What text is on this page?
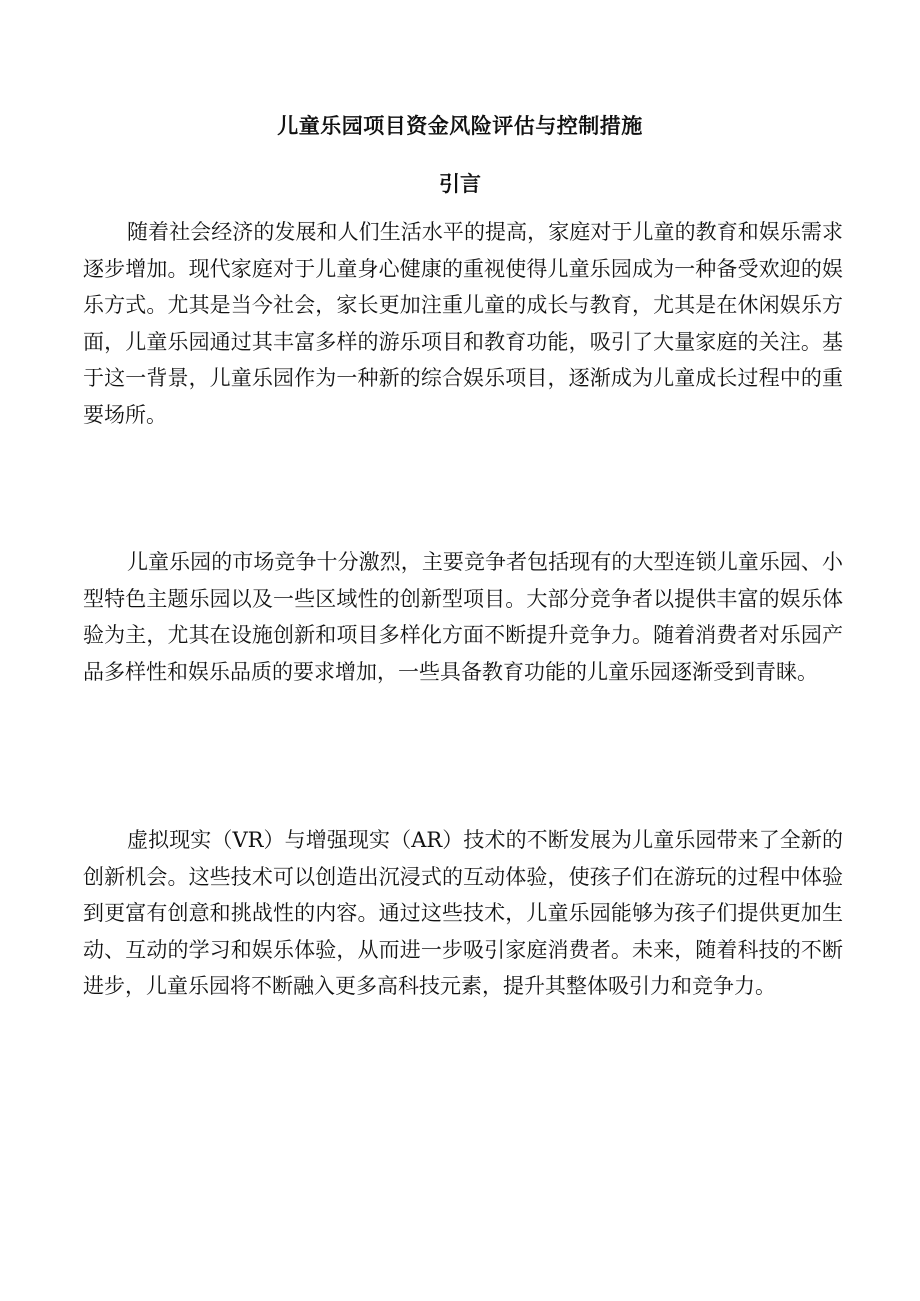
儿童乐园项目资金风险评估与控制措施
引言

随着社会经济的发展和人们生活水平的提高，家庭对于儿童的教育和娱乐需求逐步增加。现代家庭对于儿童身心健康的重视使得儿童乐园成为一种备受欢迎的娱乐方式。尤其是当今社会，家长更加注重儿童的成长与教育，尤其是在休闲娱乐方面，儿童乐园通过其丰富多样的游乐项目和教育功能，吸引了大量家庭的关注。基于这一背景，儿童乐园作为一种新的综合娱乐项目，逐渐成为儿童成长过程中的重要场所。

儿童乐园的市场竞争十分激烈，主要竞争者包括现有的大型连锁儿童乐园、小型特色主题乐园以及一些区域性的创新型项目。大部分竞争者以提供丰富的娱乐体验为主，尤其在设施创新和项目多样化方面不断提升竞争力。随着消费者对乐园产品多样性和娱乐品质的要求增加，一些具备教育功能的儿童乐园逐渐受到青睐。

虚拟现实（VR）与增强现实（AR）技术的不断发展为儿童乐园带来了全新的创新机会。这些技术可以创造出沉浸式的互动体验，使孩子们在游玩的过程中体验到更富有创意和挑战性的内容。通过这些技术，儿童乐园能够为孩子们提供更加生动、互动的学习和娱乐体验，从而进一步吸引家庭消费者。未来，随着科技的不断进步，儿童乐园将不断融入更多高科技元素，提升其整体吸引力和竞争力。
